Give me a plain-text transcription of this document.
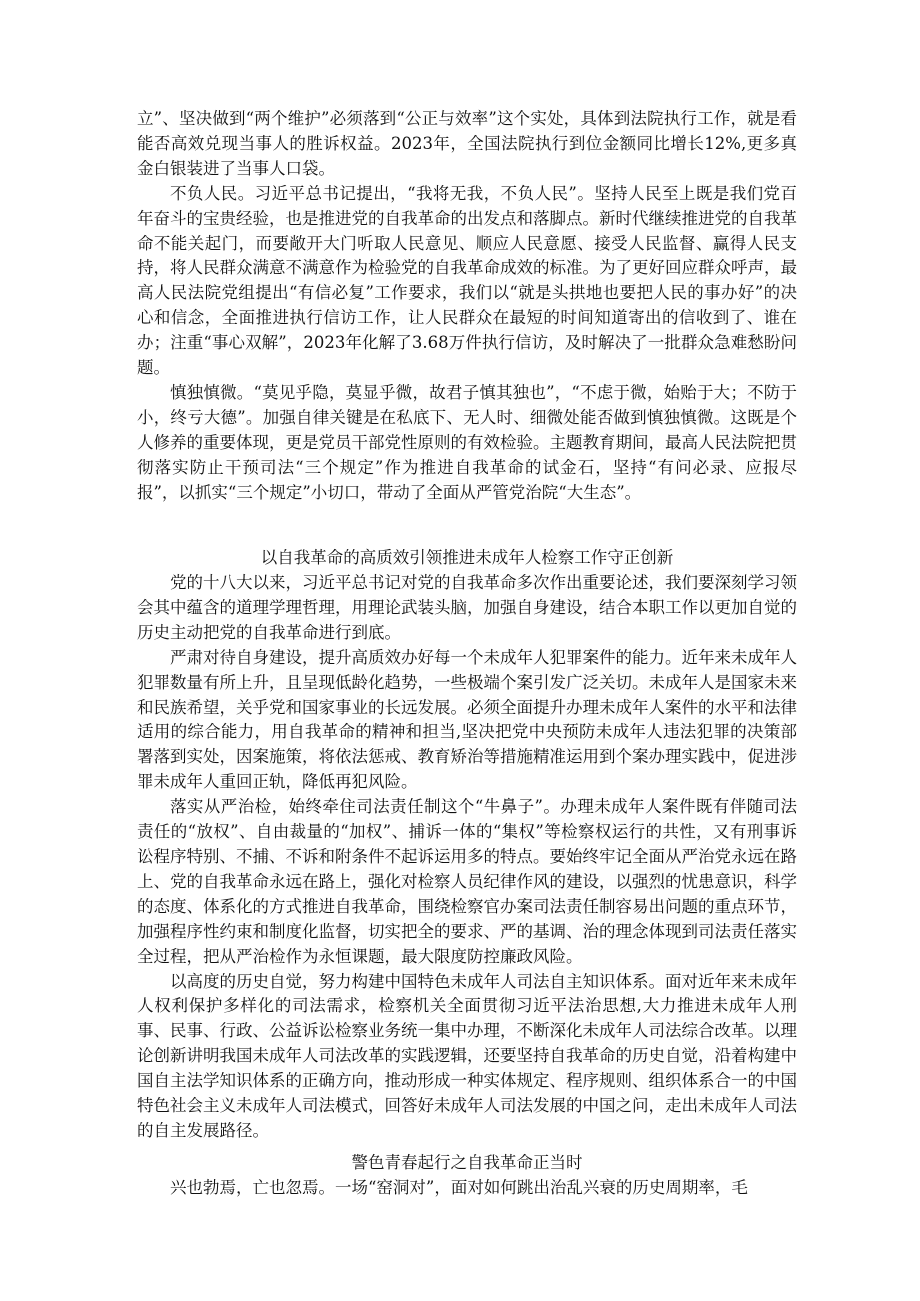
立”、坚决做到“两个维护”必须落到“公正与效率”这个实处，具体到法院执行工作，就是看能否高效兑现当事人的胜诉权益。2023年，全国法院执行到位金额同比增长12%,更多真金白银装进了当事人口袋。

不负人民。习近平总书记提出，“我将无我，不负人民”。坚持人民至上既是我们党百年奋斗的宝贵经验，也是推进党的自我革命的出发点和落脚点。新时代继续推进党的自我革命不能关起门，而要敞开大门听取人民意见、顺应人民意愿、接受人民监督、赢得人民支持，将人民群众满意不满意作为检验党的自我革命成效的标准。为了更好回应群众呼声，最高人民法院党组提出“有信必复”工作要求，我们以“就是头拱地也要把人民的事办好”的决心和信念，全面推进执行信访工作，让人民群众在最短的时间知道寄出的信收到了、谁在办；注重“事心双解”，2023年化解了3.68万件执行信访，及时解决了一批群众急难愁盼问题。

慎独慎微。“莫见乎隐，莫显乎微，故君子慎其独也”，“不虑于微，始贻于大；不防于小，终亏大德”。加强自律关键是在私底下、无人时、细微处能否做到慎独慎微。这既是个人修养的重要体现，更是党员干部党性原则的有效检验。主题教育期间，最高人民法院把贯彻落实防止干预司法“三个规定”作为推进自我革命的试金石，坚持“有问必录、应报尽报”，以抓实“三个规定”小切口，带动了全面从严管党治院“大生态”。

以自我革命的高质效引领推进未成年人检察工作守正创新

党的十八大以来，习近平总书记对党的自我革命多次作出重要论述，我们要深刻学习领会其中蕴含的道理学理哲理，用理论武装头脑，加强自身建设，结合本职工作以更加自觉的历史主动把党的自我革命进行到底。

严肃对待自身建设，提升高质效办好每一个未成年人犯罪案件的能力。近年来未成年人犯罪数量有所上升，且呈现低龄化趋势，一些极端个案引发广泛关切。未成年人是国家未来和民族希望，关乎党和国家事业的长远发展。必须全面提升办理未成年人案件的水平和法律适用的综合能力，用自我革命的精神和担当,坚决把党中央预防未成年人违法犯罪的决策部署落到实处，因案施策，将依法惩戒、教育矫治等措施精准运用到个案办理实践中，促进涉罪未成年人重回正轨，降低再犯风险。

落实从严治检，始终牵住司法责任制这个“牛鼻子”。办理未成年人案件既有伴随司法责任的“放权”、自由裁量的“加权”、捕诉一体的“集权”等检察权运行的共性，又有刑事诉讼程序特别、不捕、不诉和附条件不起诉运用多的特点。要始终牢记全面从严治党永远在路上、党的自我革命永远在路上，强化对检察人员纪律作风的建设，以强烈的忧患意识，科学的态度、体系化的方式推进自我革命，围绕检察官办案司法责任制容易出问题的重点环节，加强程序性约束和制度化监督，切实把全的要求、严的基调、治的理念体现到司法责任落实全过程，把从严治检作为永恒课题，最大限度防控廉政风险。

以高度的历史自觉，努力构建中国特色未成年人司法自主知识体系。面对近年来未成年人权利保护多样化的司法需求，检察机关全面贯彻习近平法治思想,大力推进未成年人刑事、民事、行政、公益诉讼检察业务统一集中办理，不断深化未成年人司法综合改革。以理论创新讲明我国未成年人司法改革的实践逻辑，还要坚持自我革命的历史自觉，沿着构建中国自主法学知识体系的正确方向，推动形成一种实体规定、程序规则、组织体系合一的中国特色社会主义未成年人司法模式，回答好未成年人司法发展的中国之问，走出未成年人司法的自主发展路径。

警色青春起行之自我革命正当时

兴也勃焉，亡也忽焉。一场“窑洞对”，面对如何跳出治乱兴衰的历史周期率，毛
